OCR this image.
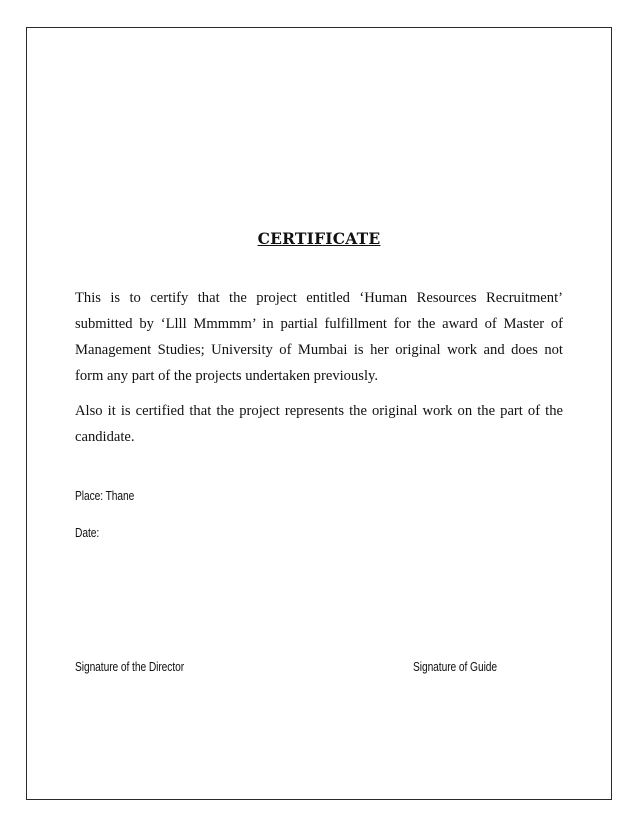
CERTIFICATE

This is to certify that the project entitled ‘Human Resources Recruitment’ submitted by ‘Llll Mmmmm’ in partial fulfillment for the award of Master of Management Studies; University of Mumbai is her original work and does not form any part of the projects undertaken previously.

Also it is certified that the project represents the original work on the part of the candidate.

Place: Thane
Date:
Signature of the Director	Signature of Guide
